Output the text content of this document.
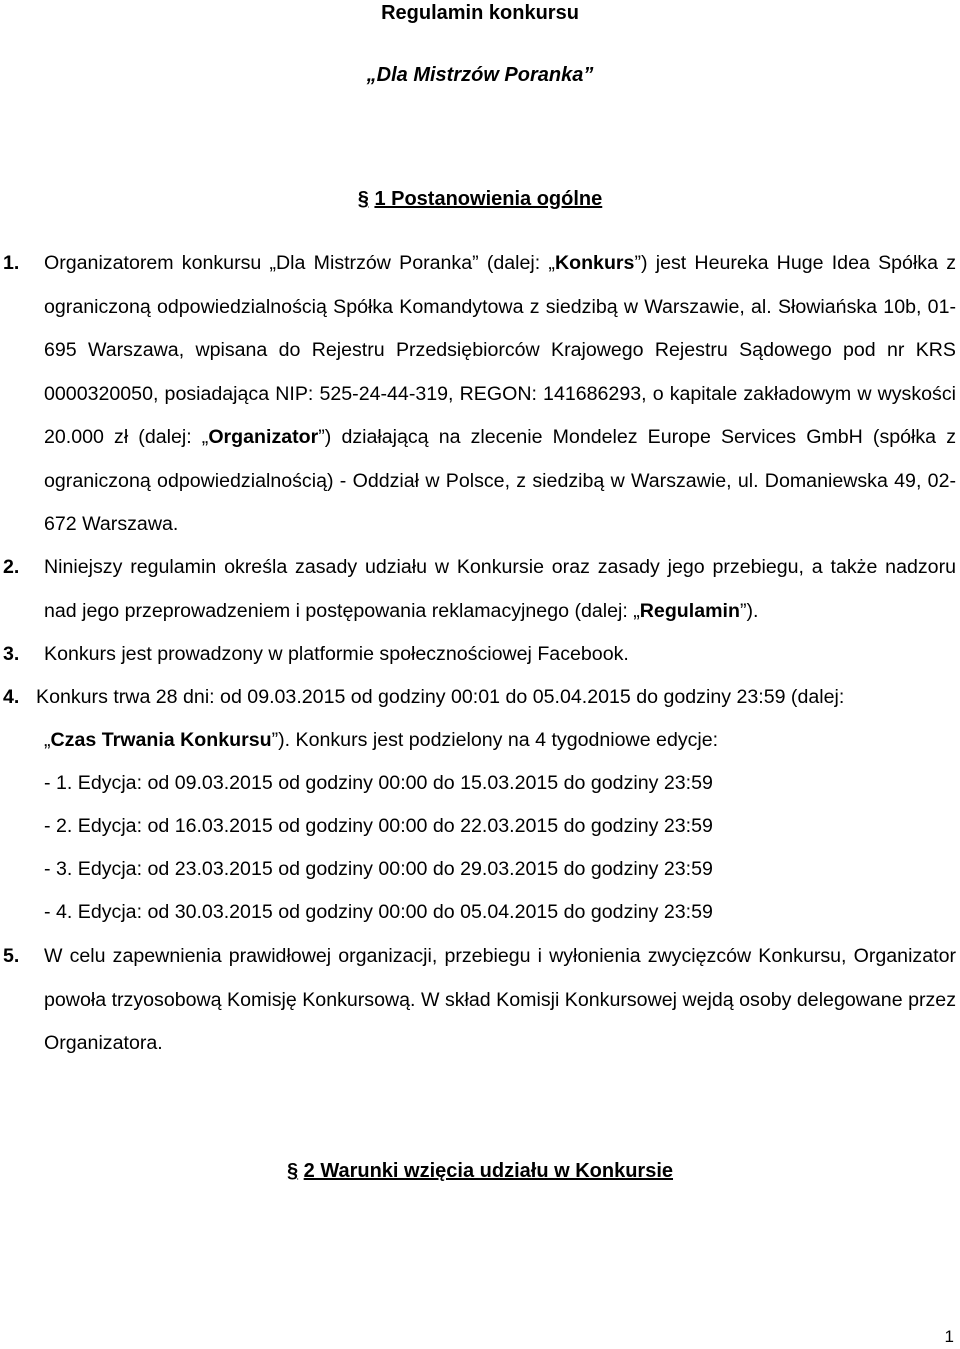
Regulamin konkursu
„Dla Mistrzów Poranka”
§ 1 Postanowienia ogólne
1. Organizatorem konkursu „Dla Mistrzów Poranka” (dalej: „Konkurs”) jest Heureka Huge Idea Spółka z ograniczoną odpowiedzialnością Spółka Komandytowa z siedzibą w Warszawie, al. Słowiańska 10b, 01-695 Warszawa, wpisana do Rejestru Przedsiębiorców Krajowego Rejestru Sądowego pod nr KRS 0000320050, posiadająca NIP: 525-24-44-319, REGON: 141686293, o kapitale zakładowym w wyskości 20.000 zł (dalej: „Organizator”) działającą na zlecenie Mondelez Europe Services GmbH (spółka z ograniczoną odpowiedzialnością) - Oddział w Polsce, z siedzibą w Warszawie, ul. Domaniewska 49, 02-672 Warszawa.
2. Niniejszy regulamin określa zasady udziału w Konkursie oraz zasady jego przebiegu, a także nadzoru nad jego przeprowadzeniem i postępowania reklamacyjnego (dalej: „Regulamin”).
3. Konkurs jest prowadzony w platformie społecznościowej Facebook.
4. Konkurs trwa 28 dni: od 09.03.2015 od godziny 00:01 do 05.04.2015 do godziny 23:59 (dalej:
„Czas Trwania Konkursu”). Konkurs jest podzielony na 4 tygodniowe edycje:
- 1. Edycja: od 09.03.2015 od godziny 00:00 do 15.03.2015 do godziny 23:59
- 2. Edycja: od 16.03.2015 od godziny 00:00 do 22.03.2015 do godziny 23:59
- 3. Edycja: od 23.03.2015 od godziny 00:00 do 29.03.2015 do godziny 23:59
- 4. Edycja: od 30.03.2015 od godziny 00:00 do 05.04.2015 do godziny 23:59
5. W celu zapewnienia prawidłowej organizacji, przebiegu i wyłonienia zwycięzców Konkursu, Organizator powoła trzyosobową Komisję Konkursową. W skład Komisji Konkursowej wejdą osoby delegowane przez Organizatora.
§ 2 Warunki wzięcia udziału w Konkursie
1
